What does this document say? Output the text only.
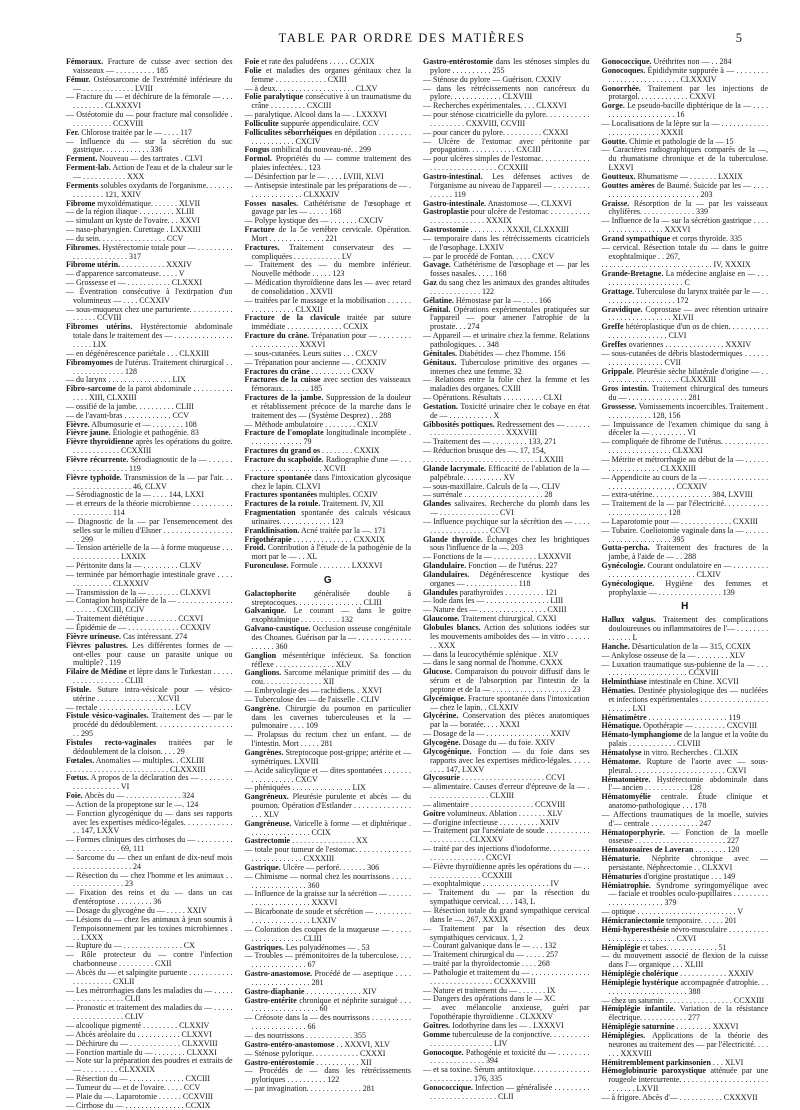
TABLE PAR ORDRE DES MATIÈRES	5

Fémoraux. Fracture de cuisse avec section des vaisseaux — . . . . . . . . . . 185

Fémur. Ostéosarcome de l'extrémité inférieure du — . . . . . . . . . . . . . LVIII

— Fracture du — et déchirure de la fémorale — . . . . . . . . . . . CLXXXVI

— Ostéotomie du — pour fracture mal consolidée . . . . . . . . . . . CCXVIII

Fer. Chlorose traitée par le — . . . . 117

— Influence du — sur la sécrétion du suc gastrique. . . . . . . . . . . . 336

Ferment. Nouveau — des tartrates . CLVI

Ferment-lab. Action de l'eau et de la chaleur sur le — . . . . . . . . . . . XXX

Ferments solubles oxydants de l'organisme. . . . . . . . . . . . . . . 121, XXIV

Fibrome myxoïdématique. . . . . . . XLVII

— de la région iliaque . . . . . . . . . XLIII

— simulant un kyste de l'ovaire. . . XXVI

— naso-pharyngien. Curettage . LXXXIII

— du sein. . . . . . . . . . . . . . . . . CCV

Fibromes. Hystérectomie totale pour — . . . . . . . . . . . . . . . . . . . . . . . 317

Fibrome utérin. . . . . . . . . . . . XXXIV

— d'apparence sarcomateuse. . . . . V

— Grossesse et — . . . . . . . . . . . CLXXXI

— Éventration consécutive à l'extirpation d'un volumineux — . . . . CCXXIV

— sous-muqueux chez une parturiente. . . . . . . . . . . . . . . . . CCVIII

Fibromes utérins. Hystérectomie abdominale totale dans le traitement des — . . . . . . . . . . . . . . . . . . . . LIX

— en dégénérescence pariétale . . . CLXXIII

Fibromyomes de l'utérus. Traitement chirurgical . . . . . . . . . . . . . . . 128

— du larynx . . . . . . . . . . . . . . . . LIX

Fibro-sarcome de la paroi abdominale . . . . . . . . . . . . . . XIII, CLXXIII

— ossifié de la jambe. . . . . . . . . . CLIII

— de l'avant-bras . . . . . . . . . . . . CCV

Fièvre. Albumosurie et — . . . . . . . . 108

Fièvre jaune. Étiologie et pathogénie. 83

Fièvre thyroïdienne après les opérations du goitre. . . . . . . . . . . . . CCXXIII

Fièvre récurrente. Sérodiagnostic de la — . . . . . . . . . . . . . . . . . . . . 119

Fièvre typhoïde. Transmission de la — par l'air. . . . . . . . . . . . . . . . . . 46, CLXV

— Sérodiagnostic de la — . . . . 144, LXXI

— et erreurs de la théorie microbienne . . . . . . . . . . . . . . . . . . . . 114

— Diagnostic de la — par l'ensemencement des selles sur le milieu d'Elsner . . . . . . . . . . . . . . . . . . . 299

— Tension artérielle de la — à forme muqueuse . . . . . . . . . . . . . . . LXXIX

— Péritonite dans la — . . . . . . . . . CLXV

— terminée par hémorrhagie intestinale grave . . . . . . . . . . . . . . CLXXXIV

— Transmission de la — . . . . . . . . CLXXVI

— Contagion hospitalière de la — . . . . . . . . . . . . . . . . . . . . CXCIII, CCIV

— Traitement diététique . . . . . . . . CCXVI

— Épidémie de — . . . . . . . . . . . . . CCXXIV

Fièvre urineuse. Cas intéressant. 274

Fièvres palustres. Les différentes formes de — ont-elles pour cause un parasite unique ou multiple? . 119

Filaire de Médine et lèpre dans le Turkestan . . . . . . . . . . . . . . . . . . CLIII

Fistule. Suture intra-vésicale pour — vésico-utérine . . . . . . . . . . . . . . . XCVII

— rectale . . . . . . . . . . . . . . . . . . . LCV

Fistule vésico-vaginales. Traitement des — par le procédé du dédoublement. . . . . . . . . . . . . . . . . . . . . 295

Fistules recto-vaginales traitées par le dédoublement de la cloison. . . . 29

Fœtales. Anomalies — multiples. . CXLIII

. . . . . . . . . . . . . . . . . . . . . . . . . . CLXXXIII

Fœtus. A propos de la déclaration des — . . . . . . . . . . . . . . . . . . . . VI

Foie. Abcès du — . . . . . . . . . . . . . . 324

— Action de la propeptone sur le —. 124

— Fonction glycogénique du — dans ses rapports avec les expertises médico-légales. . . . . . . . . . . . . . 147, LXXV

— Formes cliniques des cirrhoses du — . . . . . . . . . . . . . . . . . . . . . 69, 111

— Sarcome du — chez un enfant de dix-neuf mois . . . . . . . . . . . . . . . 24

— Résection du — chez l'homme et les animaux . . . . . . . . . . . . . . . 23

— Fixation des reins et du — dans un cas d'entéroptose . . . . . . . . . 36

— Dosage du glycogène du — . . . . . XXIV

— Lésions du — chez les animaux à jeun soumis à l'empoisonnement par les toxines microbiennes . . . LXXX

— Rupture du — . . . . . . . . . . . . . . . CX

— Rôle protecteur du — contre l'infection charbonneuse . . . . . . . . . CXII

— Abcès du — et salpingite puruente . . . . . . . . . . . . . . . . . . . . . CXLII

— Les métrorrhagies dans les maladies du — . . . . . . . . . . . . . . . . . . CLII

— Pronostic et traitement des maladies du — . . . . . . . . . . . . . . . . . . CLIV

— alcoolique pigmenté . . . . . . . . . CLXXIV

— Abcès aréolaire du . . . . . . . . . . . CLXXVI

— Déchirure du — . . . . . . . . . . . . . CLXXVIII

— Fonction martiale du — . . . . . . . . CLXXXI

— Note sur la préparation des poudres et extraits de — . . . . . . . . . CLXXXIX

— Résection du — . . . . . . . . . . . . . . CXCIII

— Tumeur du — et de l'ovaire. . . . . CCV

— Plaie du —. Laparotomie . . . . . . CCXVIII

— Cirrhose du — . . . . . . . . . . . . . . . CCXIX

Foie et rate des paludéens . . . . . CCXIX

Folie et maladies des organes génitaux chez la femme . . . . . . . . . . . . . CXIII

— à deux. . . . . . . . . . . . . . . . . . . . CLXV

Folie paralytique consécutive à un traumatisme du crâne . . . . . . . . . CXCIII

— paralytique. Alcool dans la — . LXXXVI

Folliculite suppurée appendiculaire. CCV

Folliculites séborrhéiques en dépilation . . . . . . . . . . . . . . . . . . . CXCIV

Fongus ombilical du nouveau-né. . 299

Formol. Propriétés du — comme traitement des plaies infectées. . 123

— Désinfection par le — . . . . LVIII, XLVI

— Antisepsie intestinale par les préparations de — . . . . . . . . . . . . . . CLXXXIV

Fosses nasales. Cathétérisme de l'œsophage et gavage par les — . . . . . 168

— Polype kystique des — . . . . . . . CXCIV

Fracture de la 5e vertèbre cervicale. Opération. Mort . . . . . . . . . . . . . . 221

Fractures. Traitement conservateur des — compliquées . . . . . . . . . . . . LV

— Traitement des — du membre inférieur. Nouvelle méthode . . . . . 123

— Médication thyroïdienne dans les — avec retard de consolidation . XXVII

— traitées par le massage et la mobilisation . . . . . . . . . . . . . . . . . CLXXII

Fracture de la clavicule traitée par suture immédiate . . . . . . . . . . . . . . CCXIX

Fracture du crâne. Trépanation pour — . . . . . . . . . . . . . . . . . . . . XXXVI

— sous-cutanées. Leurs suites . . . CXCV

— Trépanation pour ancienne — . CCXXIV

Fractures du crâne . . . . . . . . . . CXXV

Fractures de la cuisse avec section des vaisseaux fémoraux. . . . . . . 185

Fractures de la jambe. Suppression de la douleur et rétablissement précoce de la marche dans le traitement des — (Système Desprez) . . 288

— Méthode ambulatoire . . . . . . . . CXLV

Fracture de l'omoplate longitudinale incomplète . . . . . . . . . . . . . . 79

Fractures du grand os . . . . . . . . CXXIX

Fracture du scaphoïde. Radiographie d'une — . . . . . . . . . . . . . . . . . . . . . XCVII

Fracture spontanée dans l'intoxication glycosique chez le lapin. CLXVI

Fractures spontanées multiples. CCXIV

Fractures de la rotule. Traitement. IV, XII

Fragmentation spontanée des calculs vésicaux urinaires. . . . . . . . . . . . . 123

Franklinisation. Acné traitée par la —. 171

Frigothérapie . . . . . . . . . . . . . . . CXXXIX

Froid. Contribution à l'étude de la pathogénie de la mort par le — . . XL

Furonculose. Formule . . . . . . . . LXXXVI

G

Galactophorite généralisée double à streptocoques. . . . . . . . . . . . . . . . . CLIII

Galvanique. Le courant — dans le goitre exophtalmique . . . . . . . . . . 132

Galvano-caustique. Occlusion osseuse congénitale des Choanes. Guérison par la — . . . . . . . . . . . . . . . . . . . 360

Ganglion mésentérique infécieux. Sa fonction réflexe . . . . . . . . . . . . . . . XLV

Ganglions. Sarcome mélanique primitif des — du cou. . . . . . . . . . . . . . . XII

— Embryologie des — rachidiens. . XXVI

— Tuberculose des — de l'aisselle . CLIV

Gangrène. Chirurgie du poumon en particulier dans les cavernes tuberculeuses et la — pulmonaire . . . . 109

— Prolapsus du rectum chez un enfant. — de l'intestin. Mort . . . . . 281

Gangrènes. Streptocoque post-grippe; artérite et — symétriques. LXVIII

— Acide salicylique et — dites spontanées . . . . . . . . . . . . . . . . . . CXCV

— phéniquées . . . . . . . . . . . . . . . LIX

Gangréneux. Pleurésie purulente et abcès — du poumon. Opération d'Estlander . . . . . . . . . . . . . . . . . XLV

Gangréneuse. Varicelle à forme — et diphtérique . . . . . . . . . . . . . . . . CCIX

Gastrectomie . . . . . . . . . . . . . . . . XX

— totale pour tumeur de l'estomac. . . . . . . . . . . . . . . . . . . . . . . . . . . CXXXIII

Gastrique. Ulcère — perforé. . . . . . . 306

— Chimisme — normal chez les nourrissons . . . . . . . . . . . . . . . . . . . 360

— Influence de la graisse sur la sécrétion — . . . . . . . . . . . . . . . . . . . . . XXXVI

— Bicarbonate de soude et sécrétion — . . . . . . . . . . . . . . . . . . . . . . . . LXXIV

— Coloration des coupes de la muqueuse — . . . . . . . . . . . . . . . . . . CLIII

Gastriques. Les polyadénomes — . 53

— Troubles — prémonitoires de la tuberculose. . . . . . . . . . . . . . . . . . 67

Gastro-anastomose. Procédé de — aseptique . . . . . . . . . . . . . . . . . . . 281

Gastro-diaphanie . . . . . . . . . . . . . . XIV

Gastro-entérite chronique et néphrite suraiguë . . . . . . . . . . . . . . . . . . . . 60

— Créosote dans la — des nourrissons . . . . . . . . . . . . . . . . . . . . . . . . 66

— des nourrissons . . . . . . . . . . . . 355

Gastro-entéro-anastomose . . XXXVI, XLV

— Sténose pylorique. . . . . . . . . . . . CXXXI

Gastro-entérostomie . . . . . . . . . . . XII

— Procédés de — dans les rétrécissements pyloriques . . . . . . . . . . 122

— par invagination. . . . . . . . . . . . . . 281

Gastro-entérostomie dans les sténoses simples du pylore . . . . . . . . . . 255

— Sténose du pylore — Guérison. CXXIV

— dans les rétrécissements non cancéreux du pylore. . . . . . . . . . . . . CLXVIII

— Recherches expérimentales. . . . CLXXVI

— pour sténose cicatricielle du pylore. . . . . . . . . . . . . . . . . . . . CXXVIII, CCVIII

— pour cancer du pylore. . . . . . . . . . CXXXI

— Ulcère de l'estomac avec péritonite par propagation. . . . . . . . . . . . CXCIII

— pour ulcères simples de l'estomac. . . . . . . . . . . . . . . . . . . . . . . . . . . . . CCXXIII

Gastro-intestinal. Les défenses actives de l'organisme au niveau de l'appareil — . . . . . . . . . . . . . . . 119

Gastro-intestinale. Anastomose —. CLXXVI

Gastroplastie pour ulcère de l'estomac . . . . . . . . . . . . . . . . . . . . . . . . XXXIX

Gastrostomie . . . . . . . . . XXXII, CLXXXIII

— temporaire dans les rétrécissements cicatriciels de l'œsophage. LXXIV

— par le procédé de Fontan. . . . . CXCV

Gavage. Cathétérisme de l'œsophage et — par les fosses nasales. . . . . 168

Gaz du sang chez les animaux des grandes altitudes . . . . . . . . . . . . . 122

Gélatine. Hémostase par la — . . . . 166

Génital. Opérations expérimentales pratiquées sur l'appareil — pour amener l'atrophie de la prostate. . . 274

— Appareil — et urinaire chez la femme. Relations pathologiques. . . 348

Génitales. Diabétides — chez l'homme. 156

Génitaux. Tuberculose primitive des organes — internes chez une femme. 32

— Relations entre la folie chez la femme et les maladies des organes. CXIII

— Opérations. Résultats . . . . . . . . . . CLXI

Gestation. Toxicité urinaire chez le cobaye en état de — . . . . . . . . . . . X

Gibbosités pottiques. Redressement des — . . . . . . . . . . . . . . . . . . . . . . . . . XXXVIII

— Traitement des — . . . . . . . . . 133, 271

— Réduction brusque des —. 17, 154,

. . . . . . . . . . . . . . . . . . . . . . . . . . . . . LXXIII

Glande lacrymale. Efficacité de l'ablation de la — palpébrale. . . . . . . . . . XV

— sous-maxillaire. Calculs de la —. CLIV

— surrénale . . . . . . . . . . . . . . . . . . . . 28

Glandes salivaires. Recherche du plomb dans les — . . . . . . . . . . . . . . . CVI

— Influence psychique sur la sécrétion des — . . . . . . . . . . . . . . . . . . . CCVI

Glande thyroïde. Échanges chez les brightiques sous l'influence de la —. 203

— Fonctions de la — . . . . . . . . . . . LXXXVII

Glandulaire. Fonction — de l'utérus. 227

Glandulaires. Dégénérescence kystique des organes — . . . . . . . . . . . . . 118

Glandules parathyroïdes . . . . . . . . . . 121

— lode dans les — . . . . . . . . . . . . . . . . LIII

— Nature des — . . . . . . . . . . . . . . . . . CXIII

Glaucome. Traitement chirurgical. CXXI

Globules blancs. Action des solutions iodées sur les mouvements amiboïdes des — in vitro . . . . . . . . XXX

— dans la leucocythémie splénique . XLV

— dans le sang normal de l'homme. CXXX

Glucose. Comparaison du pouvoir diffusif dans le sérum et de l'absorption par l'intestin de la peptone et de la — . . . . . . . . . . . . . . . . . . . . 23

Glycémique. Fracture spontanée dans l'intoxication — chez le lapin. . CLXXIV

Glycérine. Conservation des pièces anatomiques par la — boratée. . . . XXXI

— Dosage de la — . . . . . . . . . . . . . . . . XXIV

Glycogène. Dosage du — du foie. XXIV

Glycogénique. Fonction — du foie dans ses rapports avec les expertises médico-légales. . . . . . . . . 147, LXXV

Glycosurie . . . . . . . . . . . . . . . . . . . . . CCVI

— alimentaire. Causes d'erreur d'épreuve de la — . . . . . . . . . . . . . . . . CLXIII

— alimentaire . . . . . . . . . . . . . . . . CCXVIII

Goitre volumineux. Ablation . . . . . . . XLV

— d'origine infectieuse . . . . . . . . . . XXIV

— Traitement par l'arséniate de soude . . . . . . . . . . . . . . . . . . . . . CLXXXV

— traité par des injections d'iodoforme. . . . . . . . . . . . . . . . . . . . . . . . CXCVI

— Fièvre thyroïdienne après les opérations du — . . . . . . . . . . . . . . . CCXXIII

— exophtalmique . . . . . . . . . . . . . . . . . IV

— Traitement du — par la résection du sympathique cervical. . . . 143, L

— Résection totale du grand sympathique cervical dans le —. 267, XXXIX

— Traitement par la résection des deux sympathiques cervicaux. 1, 2

— Courant galvanique dans le — . . . 132

— Traitement chirurgical du — . . . . . 257

— traité par la thyroïdectomie . . . . 268

— Pathologie et traitement du — . . . . . . . . . . . . . . . . . . . . . . . . . . . . . . . CCXXXVIII

— Nature et traitement du — . . . . . . . IX

— Dangers des opérations dans le — XC

— avec mélancolie anxieuse, guéri par l'opothérapie thyroïdienne . CLXXXV

Goîtres. Iodothyrine dans les — . LXXXVI

Gomme tuberculeuse de la conjonctive. . . . . . . . . . . . . . . . . . . . . . . . . . LIV

Gonocoque. Pathogénie et toxicité du — . . . . . . . . . . . . . . . . . . . . . . 394

— et sa toxine. Sérum antitoxique. . . . . . . . . . . . . . . . . . . . . . . . . 176, 335

Gonococcique. Infection — généralisée . . . . . . . . . . . . . . . . . . . . . . . . . . CLII

Gonococcique. Uréthrites non — . . 284

Gonocoques. Épididymite suppurée à — . . . . . . . . . . . . . . . . . . . . . . . . . . CLXXXIV

Gonorrhée. Traitement par les injections de protargol. . . . . . . . . . . . . CXXVI

Gorge. Le pseudo-bacille diphtérique de la — . . . . . . . . . . . . . . . . . . . . . 16

— Localisations de la lèpre sur la — . . . . . . . . . . . . . . . . . . . . . . . . . XXXII

Goutte. Chimie et pathologie de la — 15

— Caractères radiographiques comparés de la —, du rhumatisme chronique et de la tuberculose. LXXVI

Goutteux. Rhumatisme — . . . . . . . LXXIX

Gouttes amères de Baumé. Suicide par les — . . . . . . . . . . . . . . . . . . . . . . . . . . . 203

Graisse. Résorption de la — par les vaisseaux chylifères. . . . . . . . . . . . . . 339

— Influence de la — sur la sécrétion gastrique . . . . . . . . . . . . . . . . . . XXXVI

Grand sympathique et corps thyroïde. 335

— cervical. Résection totale du — dans le goitre exophtalmique . . 267,

. . . . . . . . . . . . . . . . . . . . . . . . . . . . IV, XXXIX

Grande-Bretagne. La médecine anglaise en — . . . . . . . . . . . . . . . . . . . . . . C

Grattage. Tuberculose du larynx traitée par le — . . . . . . . . . . . . . . . . . . . 172

Gravidique. Coprostase — avec rétention urinaire . . . . . . . . . . . . . . . . XLVII

Greffe hétéroplastique d'un os de chien. . . . . . . . . . . . . . . . . . . . . . . . . CLVI

Greffes ovariennes . . . . . . . . . . . . . . . XXXIV

— sous-cutanées de débris blastodermiques . . . . . . . . . . . . . . . . . . . . CVII

Grippale. Pleurésie sèche bilatérale d'origine — . . . . . . . . . . . . . . . . . . . . CLXXXIII

Gros intestin. Traitement chirurgical des tumeurs du — . . . . . . . . . . . . . . . 281

Grossesse. Vomissements incoercibles. Traitement . . . . . . . . . . . . 128, 156

— Impuissance de l'examen chimique du sang à déceler la — . . . . . . . . . VI

— compliquée de fibrome de l'utérus. . . . . . . . . . . . . . . . . . . . . . . . . . . . CLXXXI

— Métrite et métrorrhagie au début de la — . . . . . . . . . . . . . . . . . . . CLXXXIII

— Appendicite au cours de la — . . . . . . . . . . . . . . . . . . . . . . . . . . . . . . . . CCXXIV

— extra-utérine. . . . . . . . . . . . . . . 384, LXVIII

— Traitement de la — par l'électricité. . . . . . . . . . . . . . . . . . . . . . . . . . 128

— Laparotomie pour — . . . . . . . . . . . . . CXXIII

— Tubaire. Coeliotomie vaginale dans la — . . . . . . . . . . . . . . . . . . . . . . 395

Gutta-percha. Traitement des fractures de la jambe, à l'aide de — . . 288

Gynécologie. Courant ondulatoire en — . . . . . . . . . . . . . . . . . . . . . . . . . . . . . . . CLXIV

Gynécologique. Hygiène des femmes et prophylaxie — . . . . . . . . . . . . . . . . 139

H

Hallux valgus. Traitement des complications douloureuses ou inflammatoires de l'— . . . . . . . . . . . . . . L

Hanche. Désarticulation de la — 315, CCXIX

— Ankylose osseuse de la — . . . . . . . . XLV

— Luxation traumatique sus-pubienne de la — . . . . . . . . . . . . . . . . . . . . . . . CCXVIII

Helminthiase intestinale en Chine. XCVII

Hématies. Destinée physiologique des — nucléées et infections expérimentales . . . . . . . . . . . . . . . . . . . . . . . LXI

Hématimètre . . . . . . . . . . . . . . . . . . . . 119

Hématique. Opothérapie — . . . . . . . . CXCVIII

Hémato-lymphangiome de la langue et la voûte du palais . . . . . . . . . . . . CLVIII

Hématolyse in vitro. Recherches . CLXIX

Hématome. Rupture de l'aorte avec — sous-pleural. . . . . . . . . . . . . . . . . . . . . . . . CXVI

Hématomètre. Hystérectomie abdominale dans l'— ancien . . . . . . . . . . . 128

Hématomyélie centrale. Étude clinique et anatomo-pathologique . . . 178

— Affections traumatiques de la moelle, suivies d'— centrale . . . . . . . . . . . . 247

Hématoporphyrie. — Fonction de la moelle osseuse . . . . . . . . . . . . . . . . . . . . . . . 227

Hématozoaires de Laveran . . . . . . . . 120

Hématurie. Néphrite chronique avec — persistante. Néphrectomie . . CLXXVI

Hématuries d'origine prostatique . . . 149

Hémiatrophie. Syndrome syringomyélique avec — faciale et troubles oculo-pupillaires . . . . . . . . . . . . . . . . . . . . . . . 379

— optique . . . . . . . . . . . . . . . . . . . . . . . . . V

Hémicraniectomie temporaire. . . . . . 201

Hémi-hyperesthésie névro-musculaire . . . . . . . . . . . . . . . . . . . . . . . . . . . CXVI

Hémiplégie et tabes. . . . . . . . . . . . . 51

— du mouvement associé de flexion de la cuisse dans l'— organique . . . XLIII

Hémiplégie cholérique . . . . . . . . . . . . XXXIV

Hémiplégie hystérique accompagnée d'atrophie. . . . . . . . . . . . . . . . . . . . . . . 388

— chez un saturnin . . . . . . . . . . . . . . . . . CCXXIII

Hémiplégie infantile. Variation de la résistance électrique. . . . . . . . . . . . 277

Hémiplégie saturnine . . . . . . . . . XXXVI

Hémiplégies. Applications de la théorie des neurones au traitement des — par l'électricité. . . . . . . XXXVIII

Hémitremblement parkinsonien . . . XLVI

Hémoglobinurie paroxystique atténuée par une rougeole intercurrente. . . . . . . . . . . . . . . . . . . . . . . . . . . . . LXVII

— à frigore. Abcès d'— . . . . . . . . . . . CXXXVII
